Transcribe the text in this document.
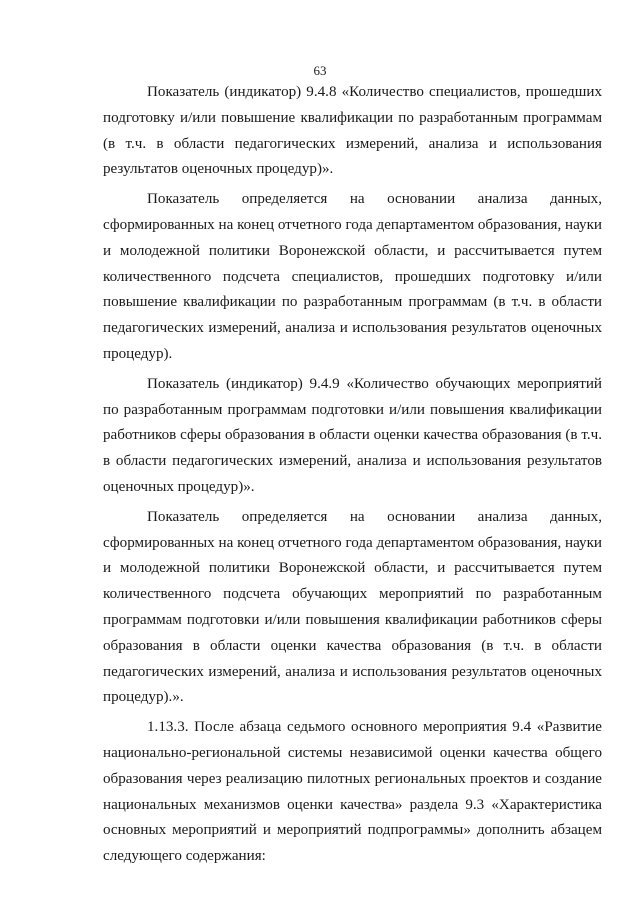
63

Показатель (индикатор) 9.4.8 «Количество специалистов, прошедших подготовку и/или повышение квалификации по разработанным программам (в т.ч. в области педагогических измерений, анализа и использования результатов оценочных процедур)».

Показатель определяется на основании анализа данных, сформированных на конец отчетного года департаментом образования, науки и молодежной политики Воронежской области, и рассчитывается путем количественного подсчета специалистов, прошедших подготовку и/или повышение квалификации по разработанным программам (в т.ч. в области педагогических измерений, анализа и использования результатов оценочных процедур).

Показатель (индикатор) 9.4.9 «Количество обучающих мероприятий по разработанным программам подготовки и/или повышения квалификации работников сферы образования в области оценки качества образования (в т.ч. в области педагогических измерений, анализа и использования результатов оценочных процедур)».

Показатель определяется на основании анализа данных, сформированных на конец отчетного года департаментом образования, науки и молодежной политики Воронежской области, и рассчитывается путем количественного подсчета обучающих мероприятий по разработанным программам подготовки и/или повышения квалификации работников сферы образования в области оценки качества образования (в т.ч. в области педагогических измерений, анализа и использования результатов оценочных процедур).».

1.13.3. После абзаца седьмого основного мероприятия 9.4 «Развитие национально-региональной системы независимой оценки качества общего образования через реализацию пилотных региональных проектов и создание национальных механизмов оценки качества» раздела 9.3 «Характеристика основных мероприятий и мероприятий подпрограммы» дополнить абзацем следующего содержания:
